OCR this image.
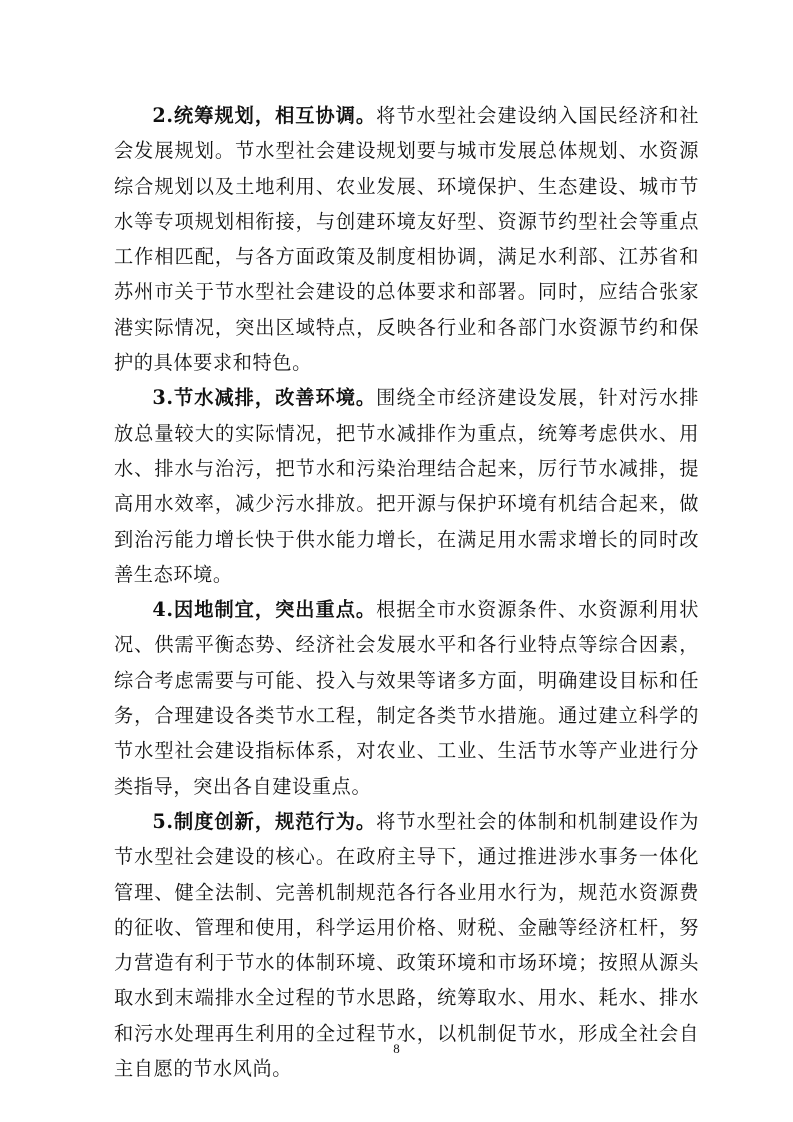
2.统筹规划，相互协调。将节水型社会建设纳入国民经济和社会发展规划。节水型社会建设规划要与城市发展总体规划、水资源综合规划以及土地利用、农业发展、环境保护、生态建设、城市节水等专项规划相衔接，与创建环境友好型、资源节约型社会等重点工作相匹配，与各方面政策及制度相协调，满足水利部、江苏省和苏州市关于节水型社会建设的总体要求和部署。同时，应结合张家港实际情况，突出区域特点，反映各行业和各部门水资源节约和保护的具体要求和特色。

3.节水减排，改善环境。围绕全市经济建设发展，针对污水排放总量较大的实际情况，把节水减排作为重点，统筹考虑供水、用水、排水与治污，把节水和污染治理结合起来，厉行节水减排，提高用水效率，减少污水排放。把开源与保护环境有机结合起来，做到治污能力增长快于供水能力增长，在满足用水需求增长的同时改善生态环境。

4.因地制宜，突出重点。根据全市水资源条件、水资源利用状况、供需平衡态势、经济社会发展水平和各行业特点等综合因素，综合考虑需要与可能、投入与效果等诸多方面，明确建设目标和任务，合理建设各类节水工程，制定各类节水措施。通过建立科学的节水型社会建设指标体系，对农业、工业、生活节水等产业进行分类指导，突出各自建设重点。

5.制度创新，规范行为。将节水型社会的体制和机制建设作为节水型社会建设的核心。在政府主导下，通过推进涉水事务一体化管理、健全法制、完善机制规范各行各业用水行为，规范水资源费的征收、管理和使用，科学运用价格、财税、金融等经济杠杆，努力营造有利于节水的体制环境、政策环境和市场环境；按照从源头取水到末端排水全过程的节水思路，统筹取水、用水、耗水、排水和污水处理再生利用的全过程节水，以机制促节水，形成全社会自主自愿的节水风尚。

8
